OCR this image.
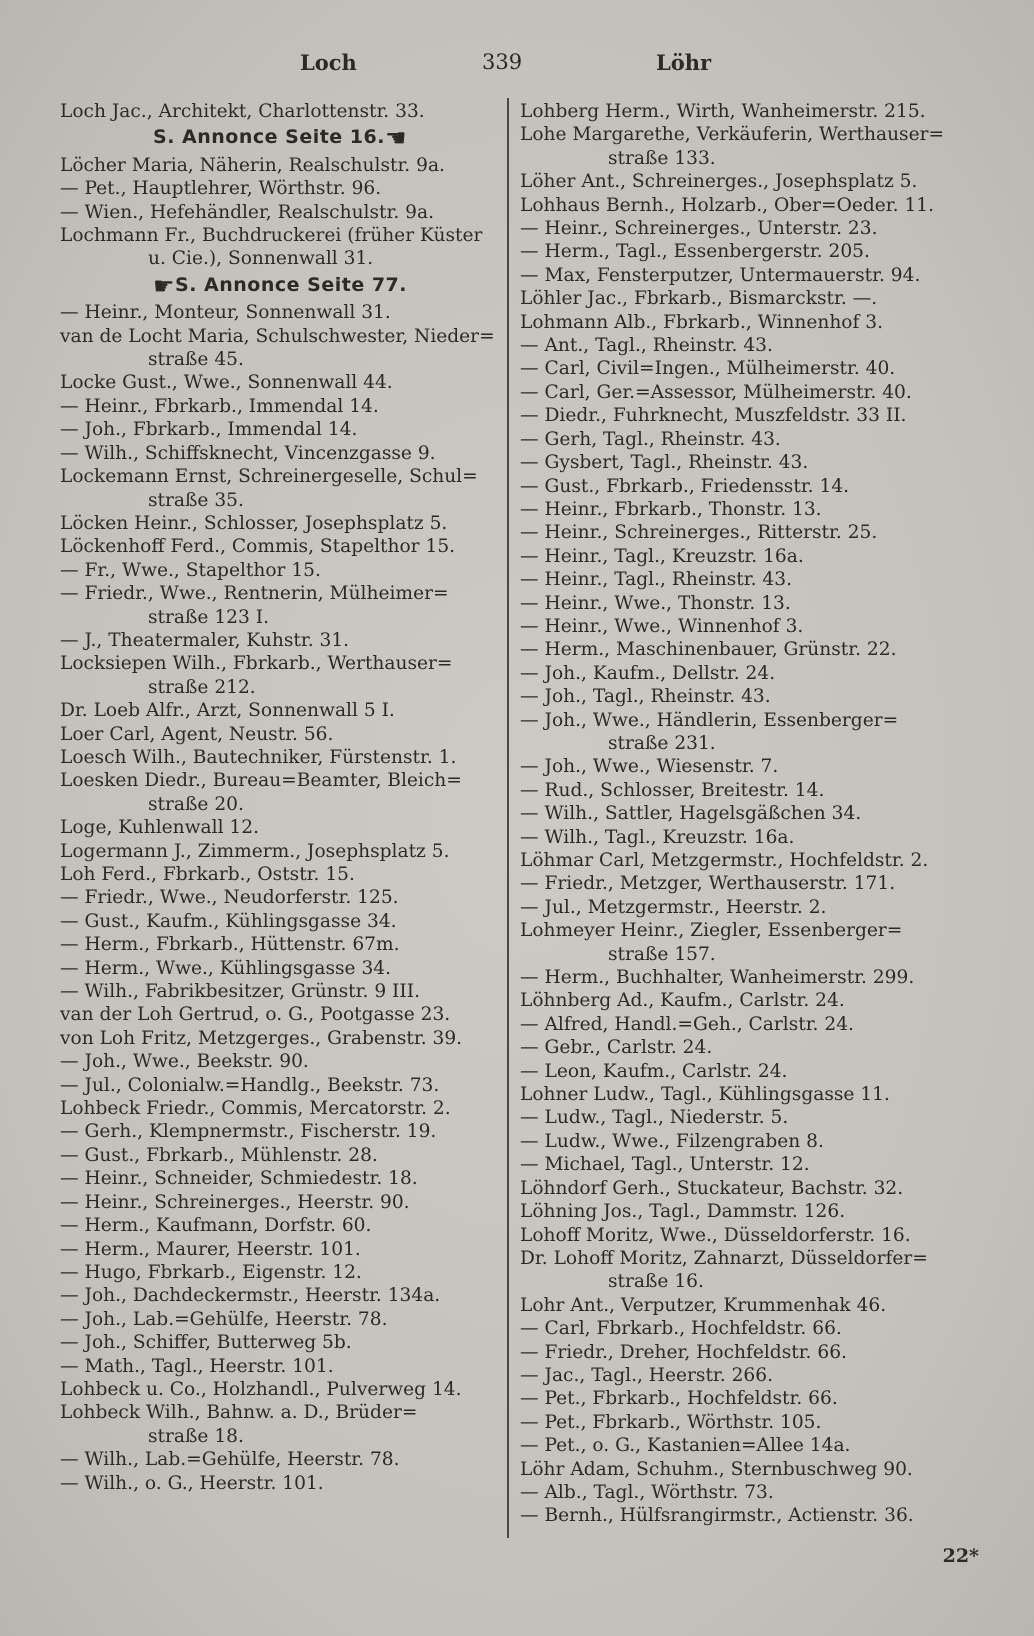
Loch	339	Löhr
Loch Jac., Architekt, Charlottenstr. 33.
S. Annonce Seite 16.☚
Löcher Maria, Näherin, Realschulstr. 9a.
— Pet., Hauptlehrer, Wörthstr. 96.
— Wien., Hefehändler, Realschulstr. 9a.
Lochmann Fr., Buchdruckerei (früher Küster
u. Cie.), Sonnenwall 31.
☛S. Annonce Seite 77.
— Heinr., Monteur, Sonnenwall 31.
van de Locht Maria, Schulschwester, Nieder=
straße 45.
Locke Gust., Wwe., Sonnenwall 44.
— Heinr., Fbrkarb., Immendal 14.
— Joh., Fbrkarb., Immendal 14.
— Wilh., Schiffsknecht, Vincenzgasse 9.
Lockemann Ernst, Schreinergeselle, Schul=
straße 35.
Löcken Heinr., Schlosser, Josephsplatz 5.
Löckenhoff Ferd., Commis, Stapelthor 15.
— Fr., Wwe., Stapelthor 15.
— Friedr., Wwe., Rentnerin, Mülheimer=
straße 123 I.
— J., Theatermaler, Kuhstr. 31.
Locksiepen Wilh., Fbrkarb., Werthauser=
straße 212.
Dr. Loeb Alfr., Arzt, Sonnenwall 5 I.
Loer Carl, Agent, Neustr. 56.
Loesch Wilh., Bautechniker, Fürstenstr. 1.
Loesken Diedr., Bureau=Beamter, Bleich=
straße 20.
Loge, Kuhlenwall 12.
Logermann J., Zimmerm., Josephsplatz 5.
Loh Ferd., Fbrkarb., Oststr. 15.
— Friedr., Wwe., Neudorferstr. 125.
— Gust., Kaufm., Kühlingsgasse 34.
— Herm., Fbrkarb., Hüttenstr. 67m.
— Herm., Wwe., Kühlingsgasse 34.
— Wilh., Fabrikbesitzer, Grünstr. 9 III.
van der Loh Gertrud, o. G., Pootgasse 23.
von Loh Fritz, Metzgerges., Grabenstr. 39.
— Joh., Wwe., Beekstr. 90.
— Jul., Colonialw.=Handlg., Beekstr. 73.
Lohbeck Friedr., Commis, Mercatorstr. 2.
— Gerh., Klempnermstr., Fischerstr. 19.
— Gust., Fbrkarb., Mühlenstr. 28.
— Heinr., Schneider, Schmiedestr. 18.
— Heinr., Schreinerges., Heerstr. 90.
— Herm., Kaufmann, Dorfstr. 60.
— Herm., Maurer, Heerstr. 101.
— Hugo, Fbrkarb., Eigenstr. 12.
— Joh., Dachdeckermstr., Heerstr. 134a.
— Joh., Lab.=Gehülfe, Heerstr. 78.
— Joh., Schiffer, Butterweg 5b.
— Math., Tagl., Heerstr. 101.
Lohbeck u. Co., Holzhandl., Pulverweg 14.
Lohbeck Wilh., Bahnw. a. D., Brüder=
straße 18.
— Wilh., Lab.=Gehülfe, Heerstr. 78.
— Wilh., o. G., Heerstr. 101.
Lohberg Herm., Wirth, Wanheimerstr. 215.
Lohe Margarethe, Verkäuferin, Werthauser=
straße 133.
Löher Ant., Schreinerges., Josephsplatz 5.
Lohhaus Bernh., Holzarb., Ober=Oeder. 11.
— Heinr., Schreinerges., Unterstr. 23.
— Herm., Tagl., Essenbergerstr. 205.
— Max, Fensterputzer, Untermauerstr. 94.
Löhler Jac., Fbrkarb., Bismarckstr. —.
Lohmann Alb., Fbrkarb., Winnenhof 3.
— Ant., Tagl., Rheinstr. 43.
— Carl, Civil=Ingen., Mülheimerstr. 40.
— Carl, Ger.=Assessor, Mülheimerstr. 40.
— Diedr., Fuhrknecht, Muszfeldstr. 33 II.
— Gerh, Tagl., Rheinstr. 43.
— Gysbert, Tagl., Rheinstr. 43.
— Gust., Fbrkarb., Friedensstr. 14.
— Heinr., Fbrkarb., Thonstr. 13.
— Heinr., Schreinerges., Ritterstr. 25.
— Heinr., Tagl., Kreuzstr. 16a.
— Heinr., Tagl., Rheinstr. 43.
— Heinr., Wwe., Thonstr. 13.
— Heinr., Wwe., Winnenhof 3.
— Herm., Maschinenbauer, Grünstr. 22.
— Joh., Kaufm., Dellstr. 24.
— Joh., Tagl., Rheinstr. 43.
— Joh., Wwe., Händlerin, Essenberger=
straße 231.
— Joh., Wwe., Wiesenstr. 7.
— Rud., Schlosser, Breitestr. 14.
— Wilh., Sattler, Hagelsgäßchen 34.
— Wilh., Tagl., Kreuzstr. 16a.
Löhmar Carl, Metzgermstr., Hochfeldstr. 2.
— Friedr., Metzger, Werthauserstr. 171.
— Jul., Metzgermstr., Heerstr. 2.
Lohmeyer Heinr., Ziegler, Essenberger=
straße 157.
— Herm., Buchhalter, Wanheimerstr. 299.
Löhnberg Ad., Kaufm., Carlstr. 24.
— Alfred, Handl.=Geh., Carlstr. 24.
— Gebr., Carlstr. 24.
— Leon, Kaufm., Carlstr. 24.
Lohner Ludw., Tagl., Kühlingsgasse 11.
— Ludw., Tagl., Niederstr. 5.
— Ludw., Wwe., Filzengraben 8.
— Michael, Tagl., Unterstr. 12.
Löhndorf Gerh., Stuckateur, Bachstr. 32.
Löhning Jos., Tagl., Dammstr. 126.
Lohoff Moritz, Wwe., Düsseldorferstr. 16.
Dr. Lohoff Moritz, Zahnarzt, Düsseldorfer=
straße 16.
Lohr Ant., Verputzer, Krummenhak 46.
— Carl, Fbrkarb., Hochfeldstr. 66.
— Friedr., Dreher, Hochfeldstr. 66.
— Jac., Tagl., Heerstr. 266.
— Pet., Fbrkarb., Hochfeldstr. 66.
— Pet., Fbrkarb., Wörthstr. 105.
— Pet., o. G., Kastanien=Allee 14a.
Löhr Adam, Schuhm., Sternbuschweg 90.
— Alb., Tagl., Wörthstr. 73.
— Bernh., Hülfsrangirmstr., Actienstr. 36.
22*
